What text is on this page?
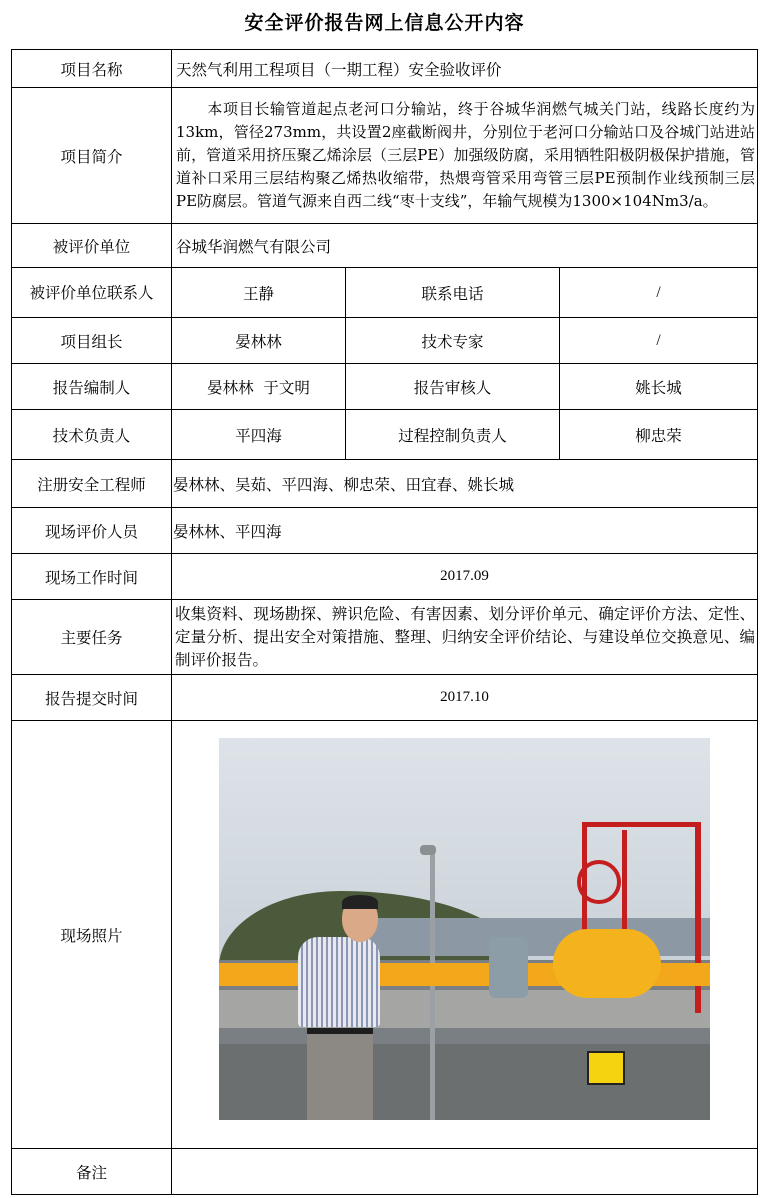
安全评价报告网上信息公开内容
项目名称	天然气利用工程项目（一期工程）安全验收评价		
项目简介	　　本项目长输管道起点老河口分输站，终于谷城华润燃气城关门站，线路长度约为13km，管径273mm，共设置2座截断阀井，分别位于老河口分输站口及谷城门站进站前，管道采用挤压聚乙烯涂层（三层PE）加强级防腐，采用牺牲阳极阴极保护措施，管道补口采用三层结构聚乙烯热收缩带，热煨弯管采用弯管三层PE预制作业线预制三层PE防腐层。管道气源来自西二线“枣十支线”，年输气规模为1300×104Nm3/a。		
被评价单位	谷城华润燃气有限公司		
被评价单位联系人	王静	联系电话	/
项目组长	晏林林	技术专家	/
报告编制人	晏林林  于文明	报告审核人	姚长城
技术负责人	平四海	过程控制负责人	柳忠荣
注册安全工程师	晏林林、吴茹、平四海、柳忠荣、田宜春、姚长城		
现场评价人员	晏林林、平四海		
现场工作时间	2017.09		
主要任务	收集资料、现场勘探、辨识危险、有害因素、划分评价单元、确定评价方法、定性、定量分析、提出安全对策措施、整理、归纳安全评价结论、与建设单位交换意见、编制评价报告。		
报告提交时间	2017.10		
现场照片			

备注			
